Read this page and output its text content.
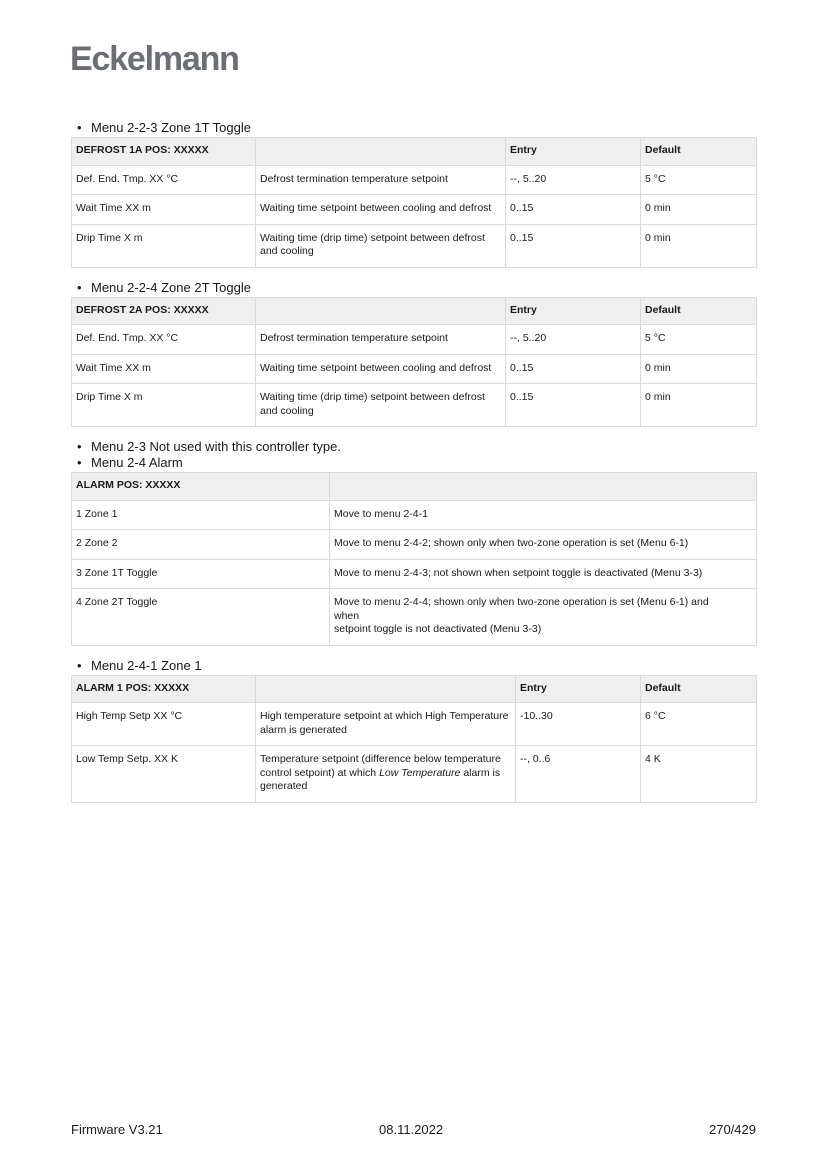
Eckelmann

• Menu 2-2-3 Zone 1T Toggle

DEFROST 1A POS: XXXXX		Entry	Default
Def. End. Tmp. XX °C	Defrost termination temperature setpoint	--, 5..20	5 °C
Wait Time XX m	Waiting time setpoint between cooling and defrost	0..15	0 min
Drip Time X m	Waiting time (drip time) setpoint between defrost and cooling	0..15	0 min

• Menu 2-2-4 Zone 2T Toggle

DEFROST 2A POS: XXXXX		Entry	Default
Def. End. Tmp. XX °C	Defrost termination temperature setpoint	--, 5..20	5 °C
Wait Time XX m	Waiting time setpoint between cooling and defrost	0..15	0 min
Drip Time X m	Waiting time (drip time) setpoint between defrost and cooling	0..15	0 min

• Menu 2-3 Not used with this controller type.

• Menu 2-4 Alarm

ALARM POS: XXXXX	
1 Zone 1	Move to menu 2-4-1
2 Zone 2	Move to menu 2-4-2; shown only when two-zone operation is set (Menu 6-1)
3 Zone 1T Toggle	Move to menu 2-4-3; not shown when setpoint toggle is deactivated (Menu 3-3)
4 Zone 2T Toggle	Move to menu 2-4-4; shown only when two-zone operation is set (Menu 6-1) and
when
setpoint toggle is not deactivated (Menu 3-3)

• Menu 2-4-1 Zone 1

ALARM 1 POS: XXXXX		Entry	Default
High Temp Setp XX °C	High temperature setpoint at which High Temperature alarm is generated	-10..30	6 °C
Low Temp Setp. XX K	Temperature setpoint (difference below temperature control setpoint) at which Low Temperature alarm is generated	--, 0..6	4 K
Firmware V3.21	08.11.2022	270/429
